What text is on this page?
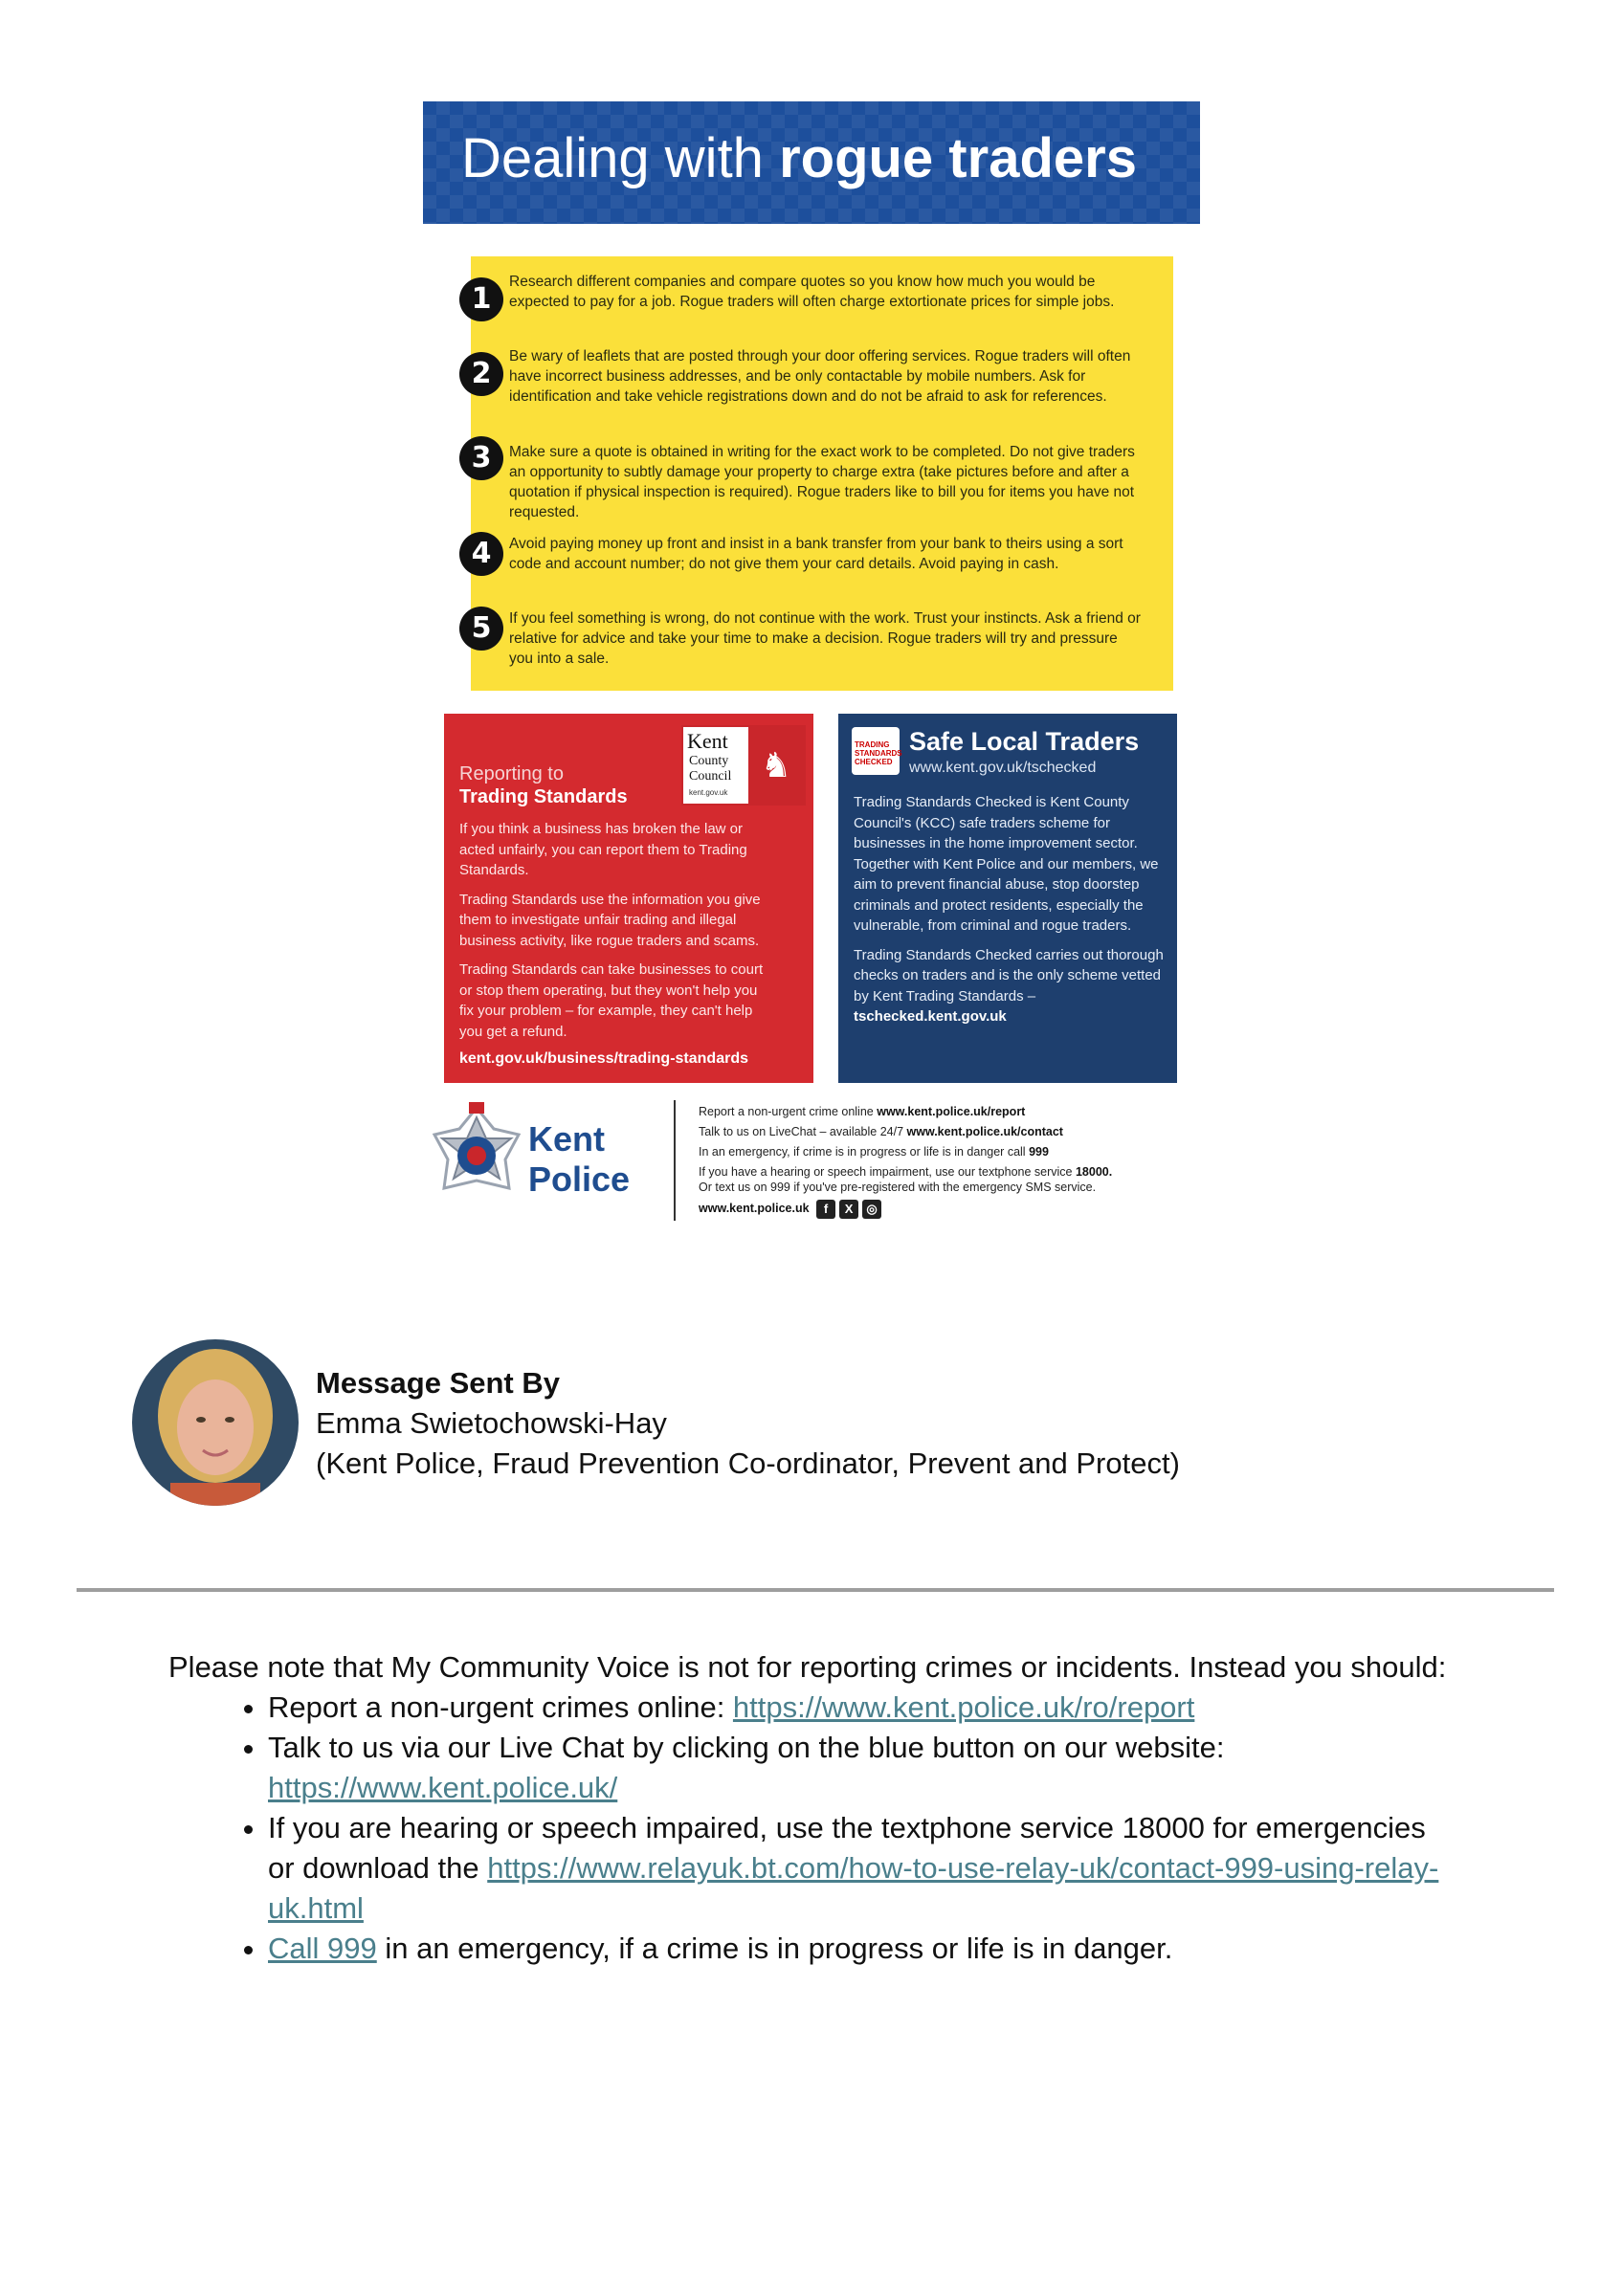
Dealing with rogue traders
1

Research different companies and compare quotes so you know how much you would be expected to pay for a job. Rogue traders will often charge extortionate prices for simple jobs.

2

Be wary of leaflets that are posted through your door offering services. Rogue traders will often have incorrect business addresses, and be only contactable by mobile numbers. Ask for identification and take vehicle registrations down and do not be afraid to ask for references.

3	Make sure a quote is obtained in writing for the exact work to be completed. Do not give traders an opportunity to subtly damage your property to charge extra (take pictures before and after a quotation if physical inspection is required). Rogue traders like to bill you for items you have not requested.

4	Avoid paying money up front and insist in a bank transfer from your bank to theirs using a sort code and account number; do not give them your card details. Avoid paying in cash.

5	If you feel something is wrong, do not continue with the work. Trust your instincts. Ask a friend or relative for advice and take your time to make a decision. Rogue traders will try and pressure you into a sale.

Kent
County Council
kent.gov.uk
♞
Reporting to
Trading Standards

If you think a business has broken the law or acted unfairly, you can report them to Trading Standards.

Trading Standards use the information you give them to investigate unfair trading and illegal business activity, like rogue traders and scams.

Trading Standards can take businesses to court or stop them operating, but they won't help you fix your problem – for example, they can't help you get a refund.

kent.gov.uk/business/trading-standards
TRADING STANDARDS CHECKED
Safe Local Traders
www.kent.gov.uk/tschecked

Trading Standards Checked is Kent County Council's (KCC) safe traders scheme for businesses in the home improvement sector. Together with Kent Police and our members, we aim to prevent financial abuse, stop doorstep criminals and protect residents, especially the vulnerable, from criminal and rogue traders.

Trading Standards Checked carries out thorough checks on traders and is the only scheme vetted by Kent Trading Standards – tschecked.kent.gov.uk

Kent
Police
Report a non-urgent crime online www.kent.police.uk/report
Talk to us on LiveChat – available 24/7 www.kent.police.uk/contact
In an emergency, if crime is in progress or life is in danger call 999
If you have a hearing or speech impairment, use our textphone service 18000.
Or text us on 999 if you've pre-registered with the emergency SMS service.
www.kent.police.uk f X ◎
Message Sent By
Emma Swietochowski-Hay
(Kent Police, Fraud Prevention Co-ordinator, Prevent and Protect)
Please note that My Community Voice is not for reporting crimes or incidents. Instead you should:
• Report a non-urgent crimes online: https://www.kent.police.uk/ro/report
• Talk to us via our Live Chat by clicking on the blue button on our website: https://www.kent.police.uk/
• If you are hearing or speech impaired, use the textphone service 18000 for emergencies or download the https://www.relayuk.bt.com/how-to-use-relay-uk/contact-999-using-relay-uk.html
• Call 999 in an emergency, if a crime is in progress or life is in danger.
